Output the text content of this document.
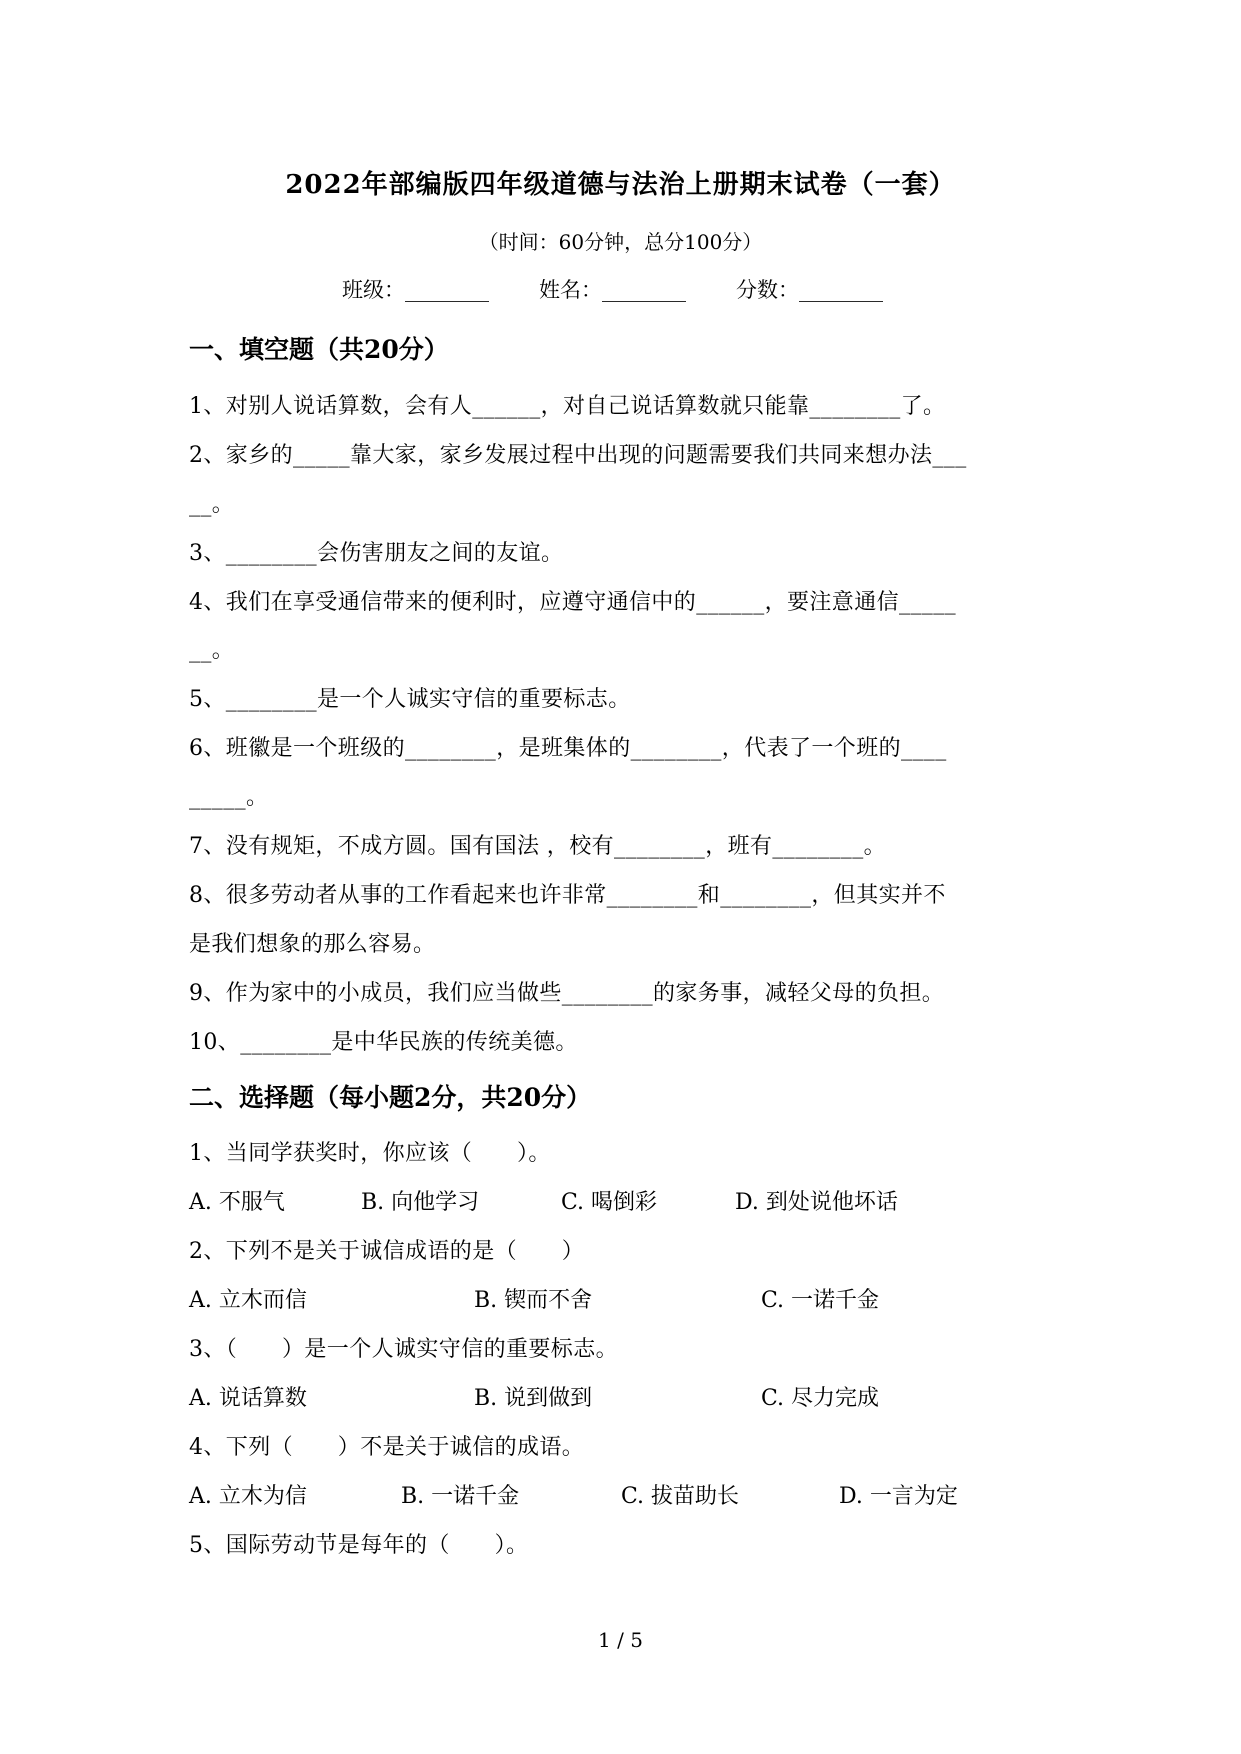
2022年部编版四年级道德与法治上册期末试卷（一套）
（时间：60分钟，总分100分）
班级：________ 姓名：________ 分数：________
一、填空题（共20分）
1、对别人说话算数，会有人______，对自己说话算数就只能靠________了。
2、家乡的_____靠大家，家乡发展过程中出现的问题需要我们共同来想办法___
__。
3、________会伤害朋友之间的友谊。
4、我们在享受通信带来的便利时，应遵守通信中的______，要注意通信_____
__。
5、________是一个人诚实守信的重要标志。
6、班徽是一个班级的________，是班集体的________，代表了一个班的____
_____。
7、没有规矩，不成方圆。国有国法 ，校有________，班有________。
8、很多劳动者从事的工作看起来也许非常________和________，但其实并不
是我们想象的那么容易。
9、作为家中的小成员，我们应当做些________的家务事，减轻父母的负担。
10、________是中华民族的传统美德。
二、选择题（每小题2分，共20分）
1、当同学获奖时，你应该（　　）。
A. 不服气	B. 向他学习	C. 喝倒彩	D. 到处说他坏话
2、下列不是关于诚信成语的是（　　）
A. 立木而信	B. 锲而不舍	C. 一诺千金
3、（　　）是一个人诚实守信的重要标志。
A. 说话算数	B. 说到做到	C. 尽力完成
4、下列（　　）不是关于诚信的成语。
A. 立木为信	B. 一诺千金	C. 拔苗助长	D. 一言为定
5、国际劳动节是每年的（　　）。
1 / 5
